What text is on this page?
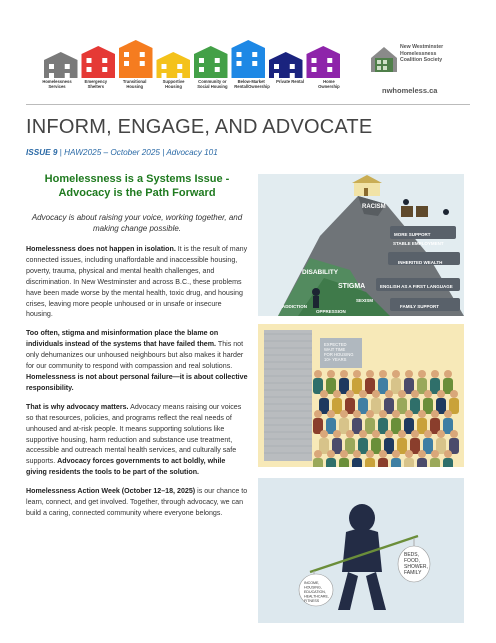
Homelessness Services
Emergency Shelters
Transitional Housing
Supportive Housing
Community or Social Housing
Below-Market Rental/Ownership
Private Rental	Home Ownership
New Westminster
Homelessness
Coalition Society
nwhomeless.ca
INFORM, ENGAGE, AND ADVOCATE
ISSUE 9 | HAW2025 – October 2025 | Advocacy 101
Homelessness is a Systems Issue -
Advocacy is the Path Forward
Advocacy is about raising your voice, working together, and making change possible.

Homelessness does not happen in isolation. It is the result of many connected issues, including unaffordable and inaccessible housing, poverty, trauma, physical and mental health challenges, and discrimination. In New Westminster and across B.C., these problems have been made worse by the mental health, toxic drug, and housing crises, leaving more people unhoused or in unsafe or insecure housing.

Too often, stigma and misinformation place the blame on individuals instead of the systems that have failed them. This not only dehumanizes our unhoused neighbours but also makes it harder for our community to respond with compassion and real solutions. Homelessness is not about personal failure—it is about collective responsibility.

That is why advocacy matters. Advocacy means raising our voices so that resources, policies, and programs reflect the real needs of unhoused and at-risk people. It means supporting solutions like supportive housing, harm reduction and substance use treatment, accessible and outreach mental health services, and culturally safe supports. Advocacy forces governments to act boldly, while giving residents the tools to be part of the solution.

Homelessness Action Week (October 12–18, 2025) is our chance to learn, connect, and get involved. Together, through advocacy, we can build a caring, connected community where everyone belongs.

RACISM
MORE SUPPORT
DISABILITY
STABLE EMPLOYMENT
STIGMA
INHERITED WEALTH
SEXISM
ENGLISH AS A FIRST LANGUAGE
FAMILY SUPPORT
ADDICTION
OPPRESSION
EXPECTED WAIT TIME FOR HOUSING 10+ YEARS
INCOME, HOUSING, EDUCATION, HEALTHCARE, FITNESS
BEDS, FOOD, SHOWER, FAMILY
